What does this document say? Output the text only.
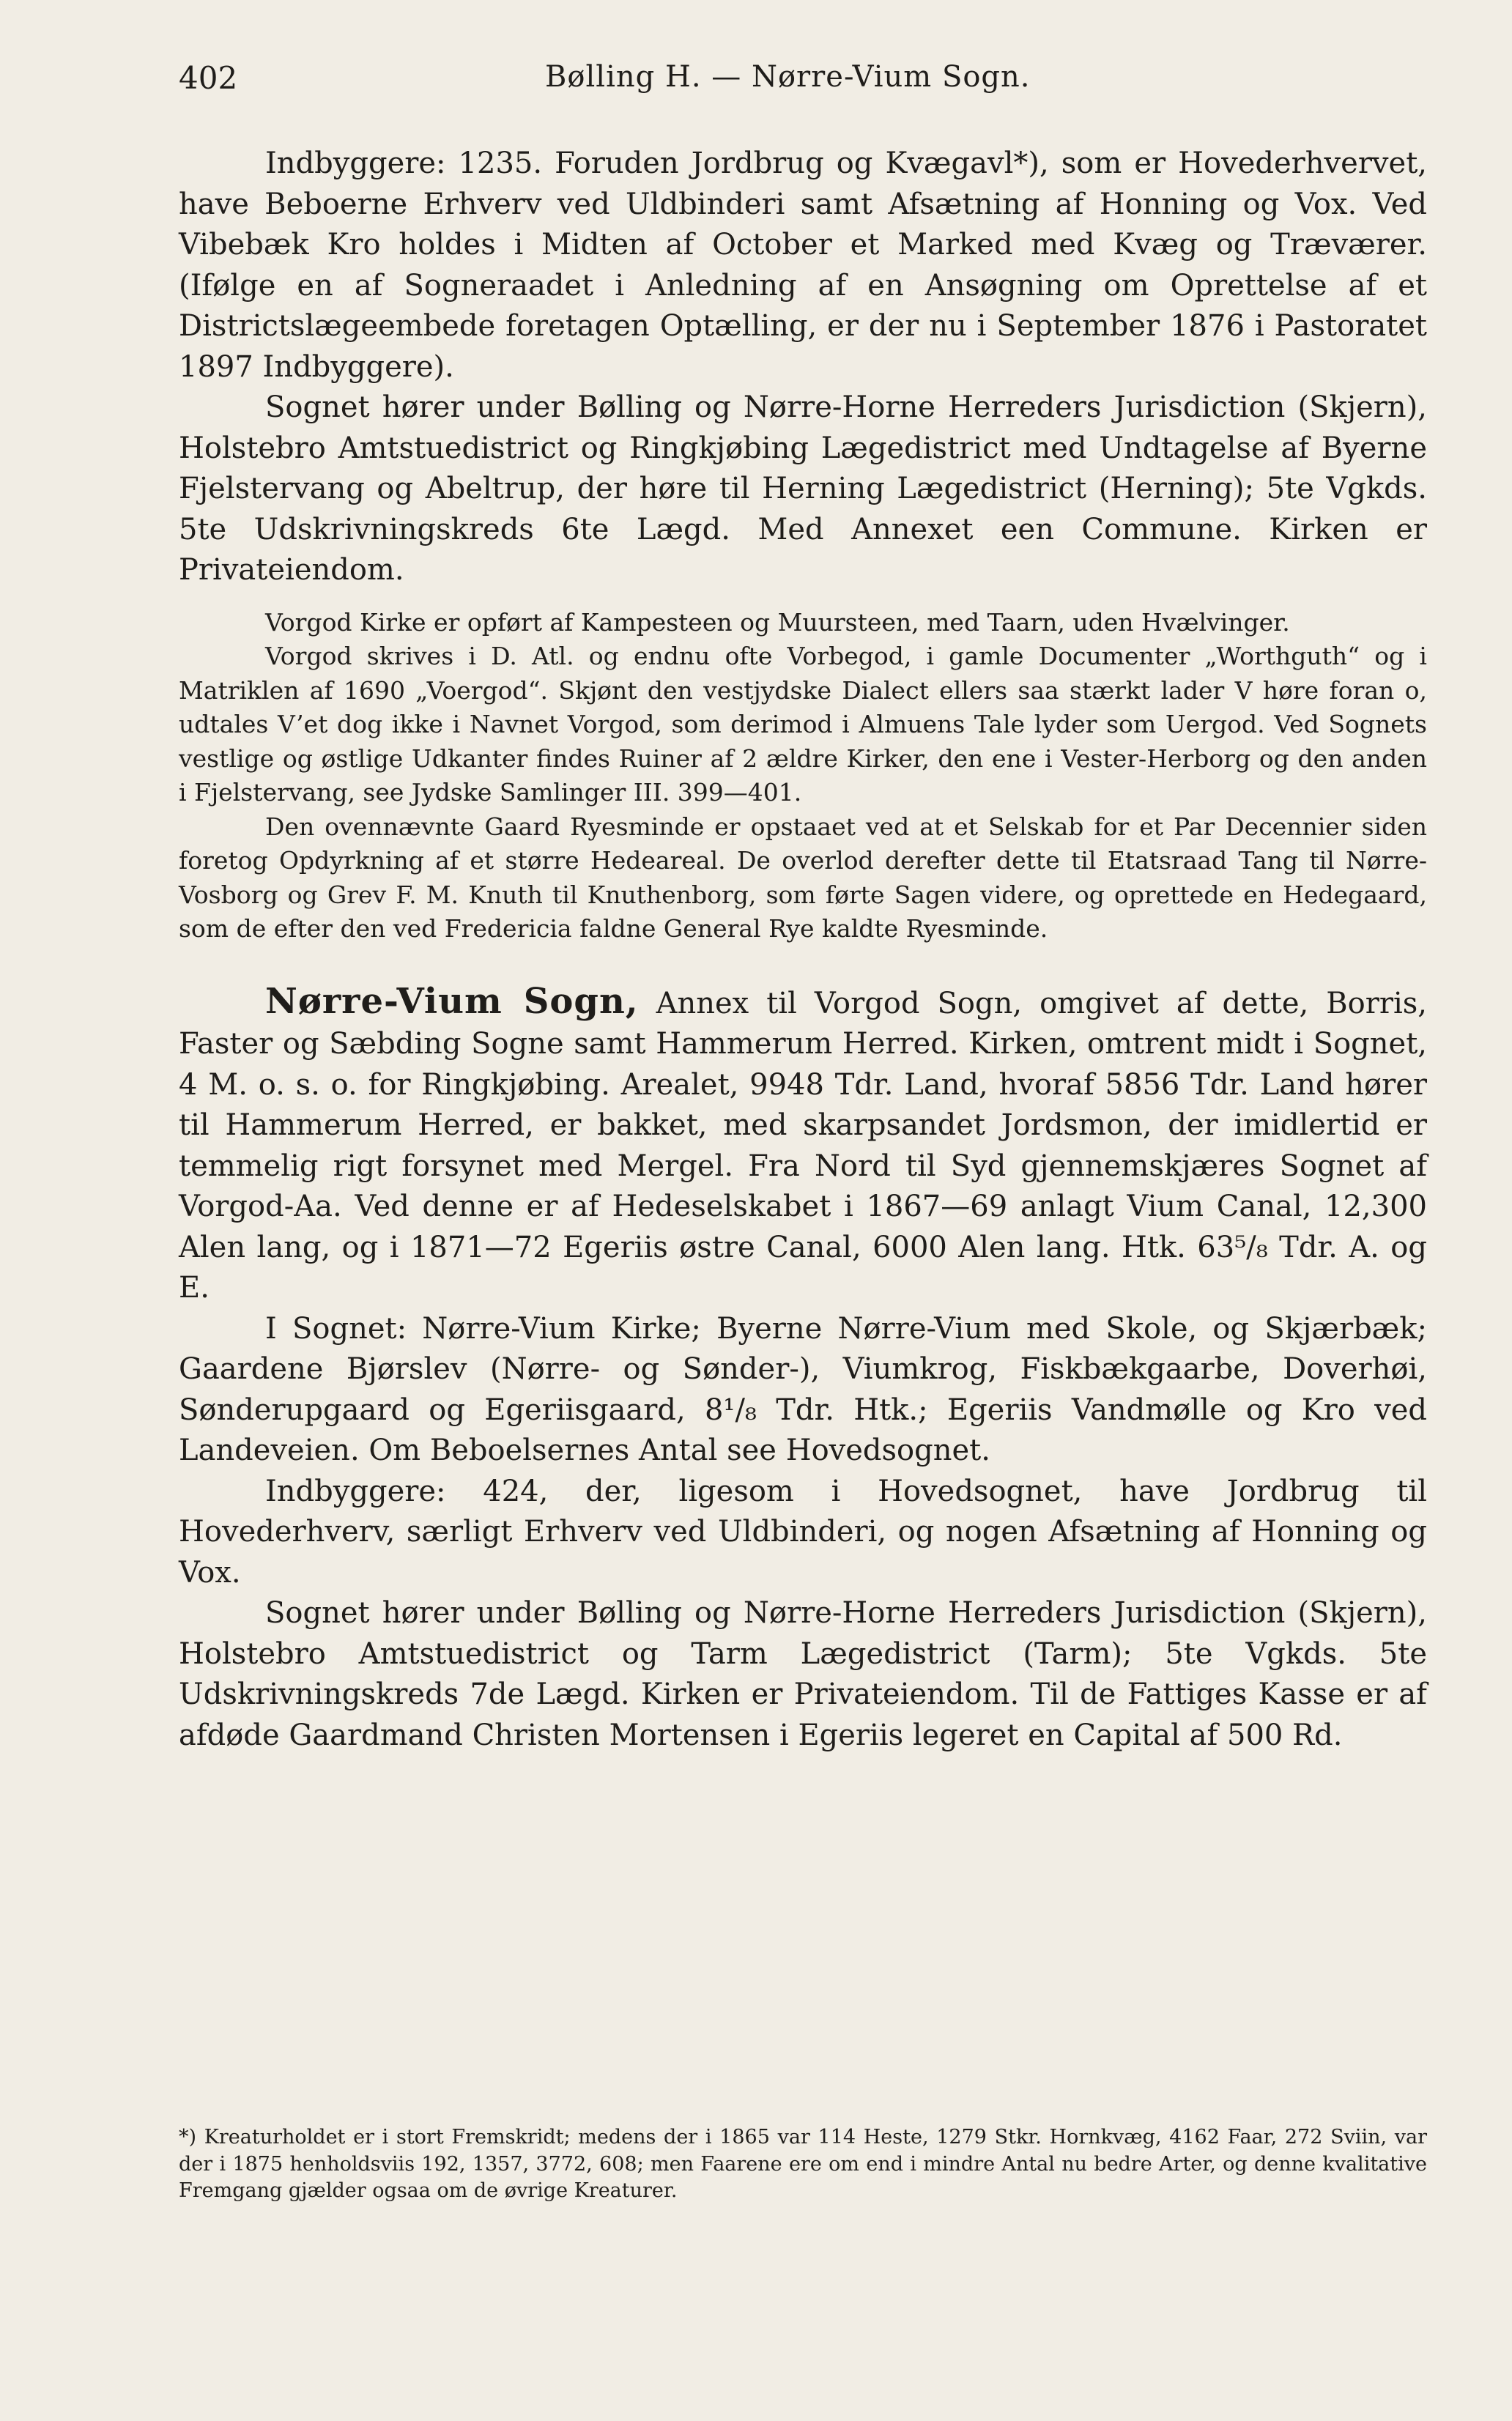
402	Bølling H. — Nørre-Vium Sogn.

Indbyggere: 1235. Foruden Jordbrug og Kvægavl*), som er Hovederhvervet, have Beboerne Erhverv ved Uldbinderi samt Afsætning af Honning og Vox. Ved Vibebæk Kro holdes i Midten af October et Marked med Kvæg og Træværer. (Ifølge en af Sogneraadet i Anledning af en Ansøgning om Oprettelse af et Districtslægeembede foretagen Optælling, er der nu i September 1876 i Pastoratet 1897 Indbyggere).

Sognet hører under Bølling og Nørre-Horne Herreders Jurisdiction (Skjern), Holstebro Amtstuedistrict og Ringkjøbing Lægedistrict med Undtagelse af Byerne Fjelstervang og Abeltrup, der høre til Herning Lægedistrict (Herning); 5te Vgkds. 5te Udskrivningskreds 6te Lægd. Med Annexet een Commune. Kirken er Privateiendom.

Vorgod Kirke er opført af Kampesteen og Muursteen, med Taarn, uden Hvælvinger.

Vorgod skrives i D. Atl. og endnu ofte Vorbegod, i gamle Documenter „Worthguth“ og i Matriklen af 1690 „Voergod“. Skjønt den vestjydske Dialect ellers saa stærkt lader V høre foran o, udtales V’et dog ikke i Navnet Vorgod, som derimod i Almuens Tale lyder som Uergod. Ved Sognets vestlige og østlige Udkanter findes Ruiner af 2 ældre Kirker, den ene i Vester-Herborg og den anden i Fjelstervang, see Jydske Samlinger III. 399—401.

Den ovennævnte Gaard Ryesminde er opstaaet ved at et Selskab for et Par Decennier siden foretog Opdyrkning af et større Hedeareal. De overlod derefter dette til Etatsraad Tang til Nørre-Vosborg og Grev F. M. Knuth til Knuthenborg, som førte Sagen videre, og oprettede en Hedegaard, som de efter den ved Fredericia faldne General Rye kaldte Ryesminde.

Nørre-Vium Sogn, Annex til Vorgod Sogn, omgivet af dette, Borris, Faster og Sæbding Sogne samt Hammerum Herred. Kirken, omtrent midt i Sognet, 4 M. o. s. o. for Ringkjøbing. Arealet, 9948 Tdr. Land, hvoraf 5856 Tdr. Land hører til Hammerum Herred, er bakket, med skarpsandet Jordsmon, der imidlertid er temmelig rigt forsynet med Mergel. Fra Nord til Syd gjennemskjæres Sognet af Vorgod-Aa. Ved denne er af Hedeselskabet i 1867—69 anlagt Vium Canal, 12,300 Alen lang, og i 1871—72 Egeriis østre Canal, 6000 Alen lang. Htk. 63⁵/₈ Tdr. A. og E.

I Sognet: Nørre-Vium Kirke; Byerne Nørre-Vium med Skole, og Skjærbæk; Gaardene Bjørslev (Nørre- og Sønder-), Viumkrog, Fiskbækgaarbe, Doverhøi, Sønderupgaard og Egeriisgaard, 8¹/₈ Tdr. Htk.; Egeriis Vandmølle og Kro ved Landeveien. Om Beboelsernes Antal see Hovedsognet.

Indbyggere: 424, der, ligesom i Hovedsognet, have Jordbrug til Hovederhverv, særligt Erhverv ved Uldbinderi, og nogen Afsætning af Honning og Vox.

Sognet hører under Bølling og Nørre-Horne Herreders Jurisdiction (Skjern), Holstebro Amtstuedistrict og Tarm Lægedistrict (Tarm); 5te Vgkds. 5te Udskrivningskreds 7de Lægd. Kirken er Privateiendom. Til de Fattiges Kasse er af afdøde Gaardmand Christen Mortensen i Egeriis legeret en Capital af 500 Rd.

*) Kreaturholdet er i stort Fremskridt; medens der i 1865 var 114 Heste, 1279 Stkr. Hornkvæg, 4162 Faar, 272 Sviin, var der i 1875 henholdsviis 192, 1357, 3772, 608; men Faarene ere om end i mindre Antal nu bedre Arter, og denne kvalitative Fremgang gjælder ogsaa om de øvrige Kreaturer.
